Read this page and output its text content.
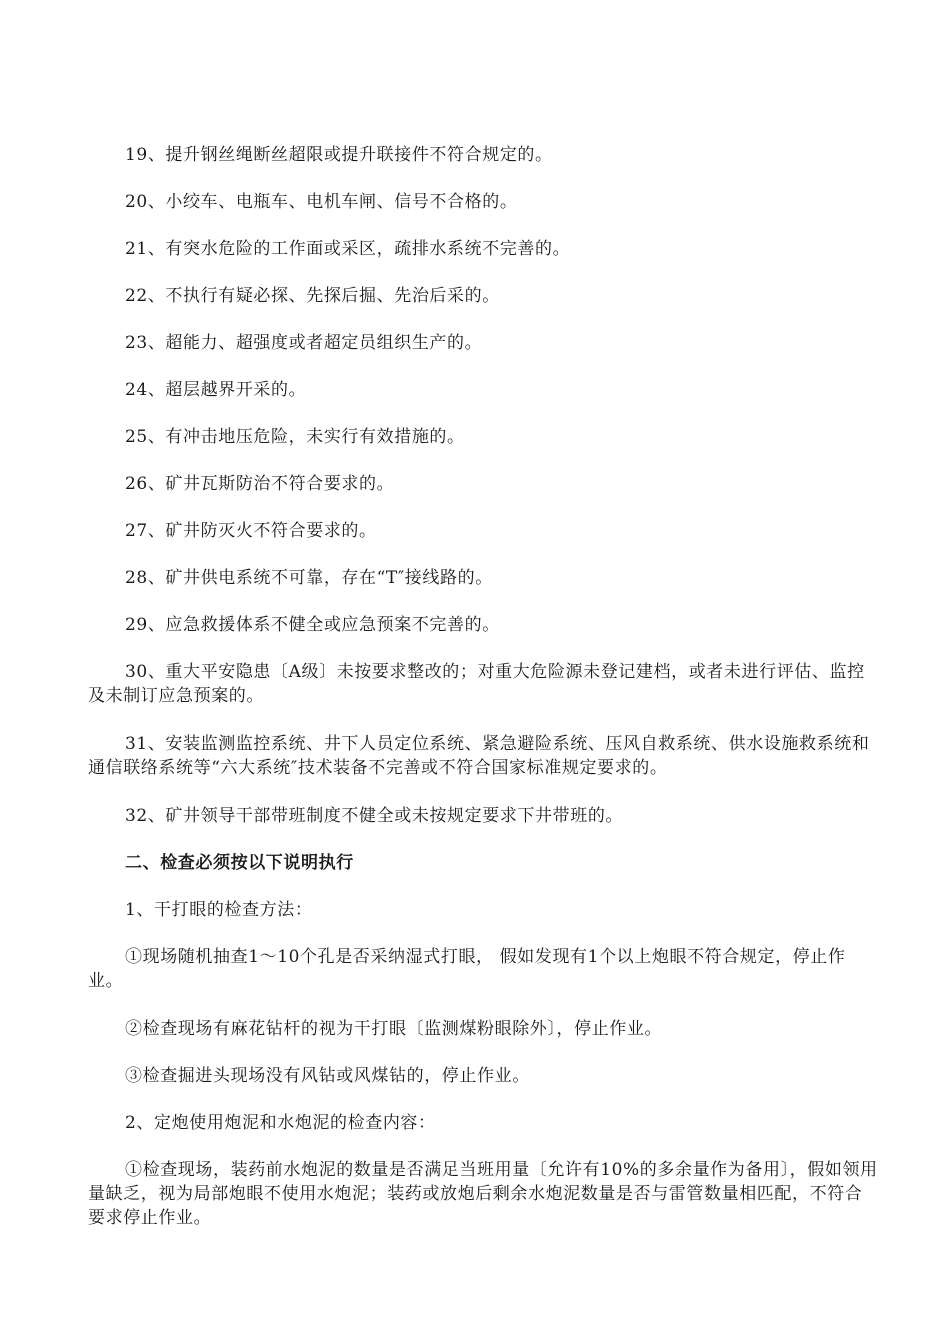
19、提升钢丝绳断丝超限或提升联接件不符合规定的。

20、小绞车、电瓶车、电机车闸、信号不合格的。

21、有突水危险的工作面或采区，疏排水系统不完善的。

22、不执行有疑必探、先探后掘、先治后采的。

23、超能力、超强度或者超定员组织生产的。

24、超层越界开采的。

25、有冲击地压危险，未实行有效措施的。

26、矿井瓦斯防治不符合要求的。

27、矿井防灭火不符合要求的。

28、矿井供电系统不可靠，存在“T″接线路的。

29、应急救援体系不健全或应急预案不完善的。

30、重大平安隐患〔A级〕未按要求整改的；对重大危险源未登记建档，或者未进行评估、监控及未制订应急预案的。

31、安装监测监控系统、井下人员定位系统、紧急避险系统、压风自救系统、供水设施救系统和通信联络系统等“六大系统″技术装备不完善或不符合国家标准规定要求的。

32、矿井领导干部带班制度不健全或未按规定要求下井带班的。

二、检查必须按以下说明执行

1、干打眼的检查方法：

①现场随机抽查1～10个孔是否采纳湿式打眼， 假如发现有1个以上炮眼不符合规定，停止作业。

②检查现场有麻花钻杆的视为干打眼〔监测煤粉眼除外〕，停止作业。

③检查掘进头现场没有风钻或风煤钻的，停止作业。

2、定炮使用炮泥和水炮泥的检查内容：

①检查现场，装药前水炮泥的数量是否满足当班用量〔允许有10%的多余量作为备用〕，假如领用量缺乏，视为局部炮眼不使用水炮泥；装药或放炮后剩余水炮泥数量是否与雷管数量相匹配，不符合要求停止作业。
